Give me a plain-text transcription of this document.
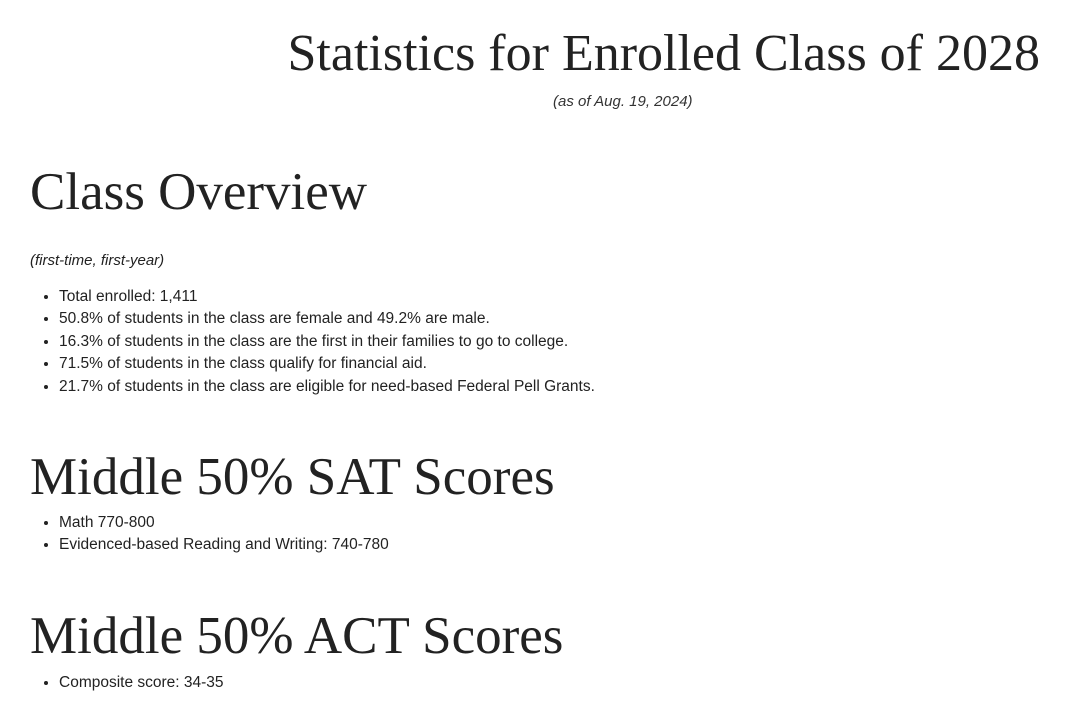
Statistics for Enrolled Class of 2028

(as of Aug. 19, 2024)

Class Overview

(first-time, first-year)

• Total enrolled: 1,411
• 50.8% of students in the class are female and 49.2% are male.
• 16.3% of students in the class are the first in their families to go to college.
• 71.5% of students in the class qualify for financial aid.
• 21.7% of students in the class are eligible for need-based Federal Pell Grants.
Middle 50% SAT Scores
• Math 770-800
• Evidenced-based Reading and Writing: 740-780
Middle 50% ACT Scores
• Composite score: 34-35
